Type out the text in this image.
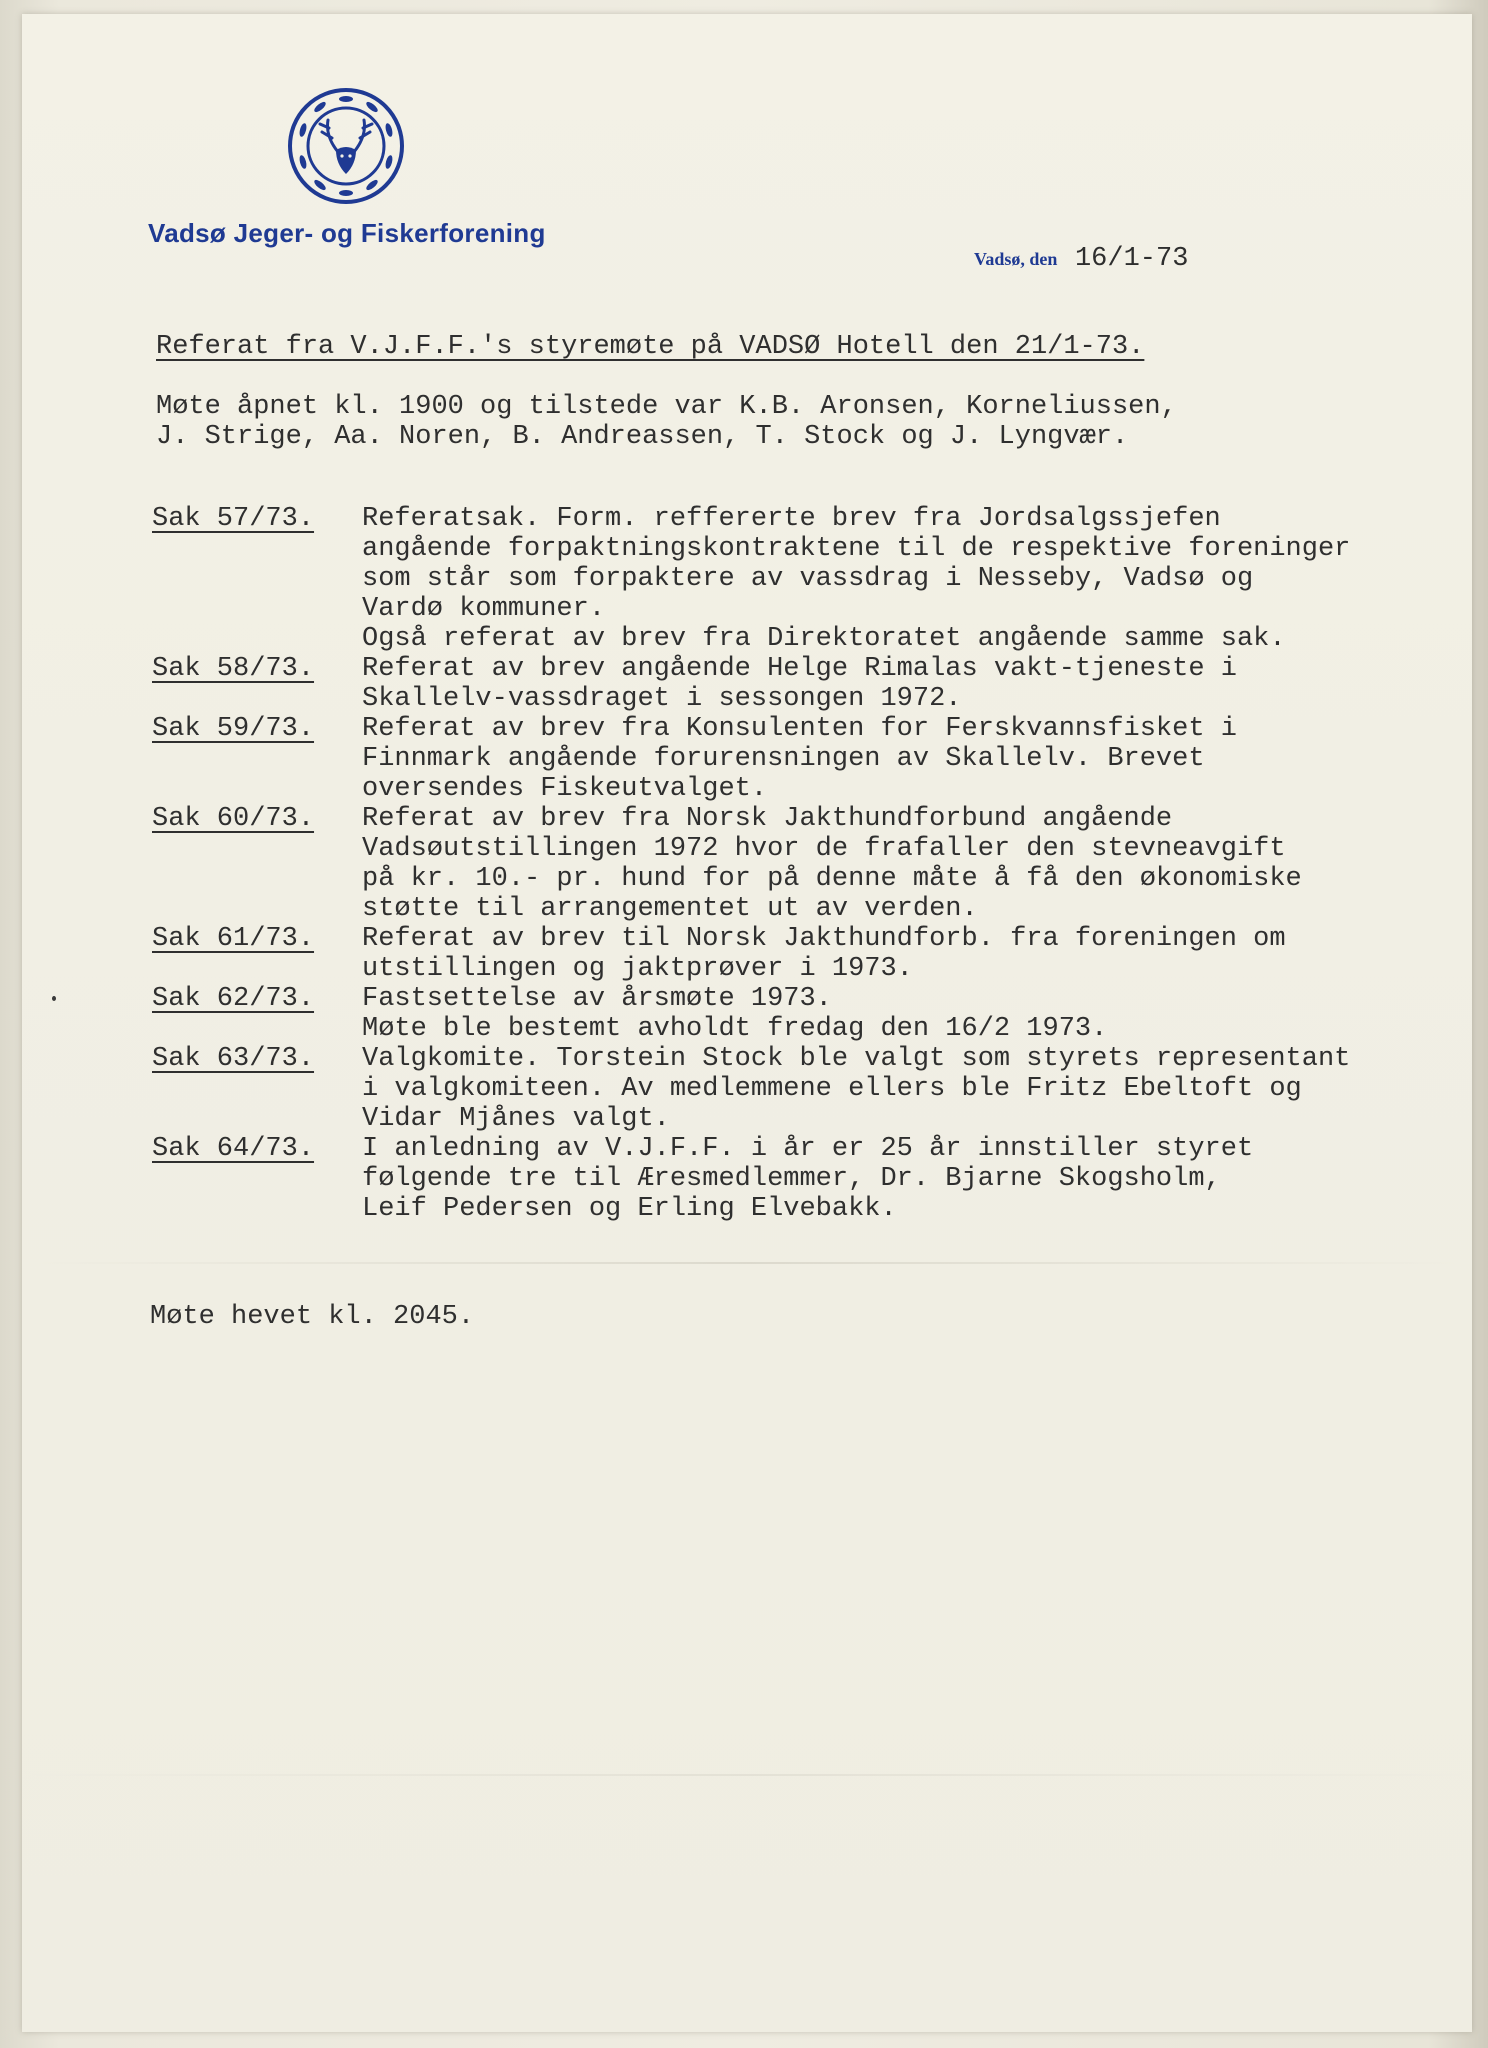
Vadsø Jeger- og Fiskerforening
Vadsø, den 16/1-73
Referat fra V.J.F.F.'s styremøte på VADSØ Hotell den 21/1-73.
Møte åpnet kl. 1900 og tilstede var K.B. Aronsen, Korneliussen,
J. Strige, Aa. Noren, B. Andreassen, T. Stock og J. Lyngvær.
Sak 57/73.	Referatsak. Form. reffererte brev fra Jordsalgssjefen
angående forpaktningskontraktene til de respektive foreninger
som står som forpaktere av vassdrag i Nesseby, Vadsø og
Vardø kommuner.
Også referat av brev fra Direktoratet angående samme sak.
Sak 58/73.	Referat av brev angående Helge Rimalas vakt-tjeneste i
Skallelv-vassdraget i sessongen 1972.
Sak 59/73.	Referat av brev fra Konsulenten for Ferskvannsfisket i
Finnmark angående forurensningen av Skallelv. Brevet
oversendes Fiskeutvalget.
Sak 60/73.	Referat av brev fra Norsk Jakthundforbund angående
Vadsøutstillingen 1972 hvor de frafaller den stevneavgift
på kr. 10.- pr. hund for på denne måte å få den økonomiske
støtte til arrangementet ut av verden.
Sak 61/73.	Referat av brev til Norsk Jakthundforb. fra foreningen om
utstillingen og jaktprøver i 1973.
Sak 62/73.	Fastsettelse av årsmøte 1973.
Møte ble bestemt avholdt fredag den 16/2 1973.
Sak 63/73.	Valgkomite. Torstein Stock ble valgt som styrets representant
i valgkomiteen. Av medlemmene ellers ble Fritz Ebeltoft og
Vidar Mjånes valgt.
Sak 64/73.	I anledning av V.J.F.F. i år er 25 år innstiller styret
følgende tre til Æresmedlemmer, Dr. Bjarne Skogsholm,
Leif Pedersen og Erling Elvebakk.
Møte hevet kl. 2045.
